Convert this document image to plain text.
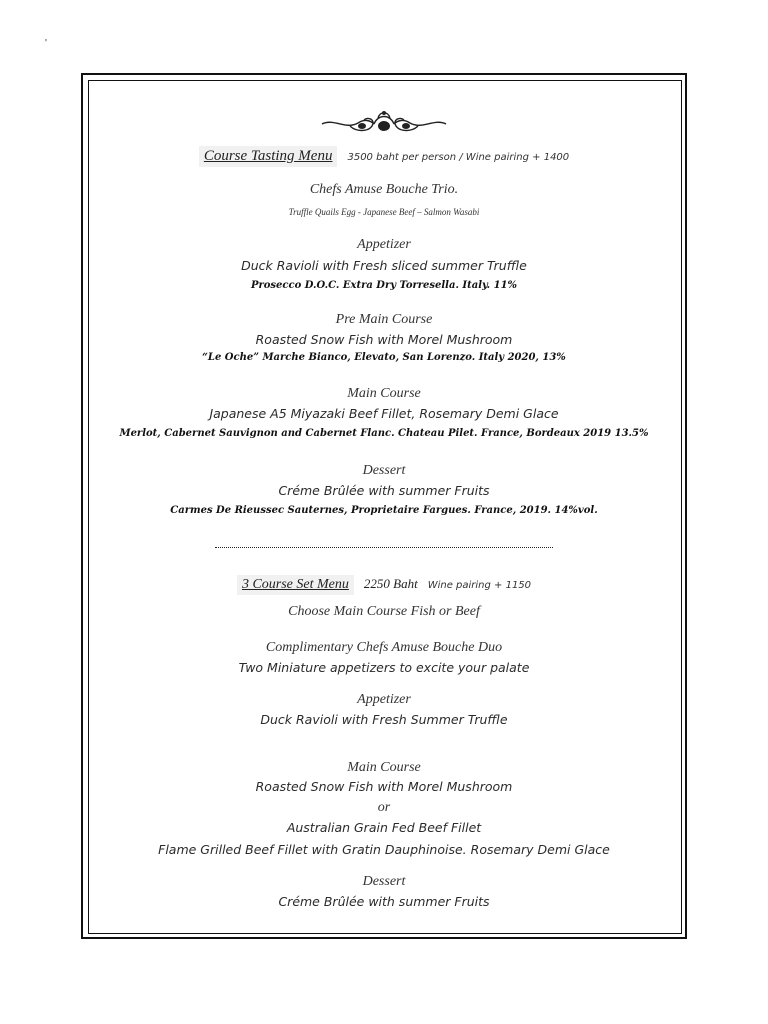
'
Course Tasting Menu 3500 baht per person / Wine pairing + 1400
Chefs Amuse Bouche Trio.
Truffle Quails Egg - Japanese Beef – Salmon Wasabi
Appetizer
Duck Ravioli with Fresh sliced summer Truffle
Prosecco D.O.C. Extra Dry Torresella. Italy. 11%
Pre Main Course
Roasted Snow Fish with Morel Mushroom
“Le Oche” Marche Bianco, Elevato, San Lorenzo. Italy 2020, 13%
Main Course
Japanese A5 Miyazaki Beef Fillet, Rosemary Demi Glace
Merlot, Cabernet Sauvignon and Cabernet Flanc. Chateau Pilet. France, Bordeaux 2019 13.5%
Dessert
Créme Brûlée with summer Fruits
Carmes De Rieussec Sauternes, Proprietaire Fargues. France, 2019. 14%vol.
3 Course Set Menu 2250 Baht Wine pairing + 1150
Choose Main Course Fish or Beef
Complimentary Chefs Amuse Bouche Duo
Two Miniature appetizers to excite your palate
Appetizer
Duck Ravioli with Fresh Summer Truffle
Main Course
Roasted Snow Fish with Morel Mushroom
or
Australian Grain Fed Beef Fillet
Flame Grilled Beef Fillet with Gratin Dauphinoise. Rosemary Demi Glace
Dessert
Créme Brûlée with summer Fruits
